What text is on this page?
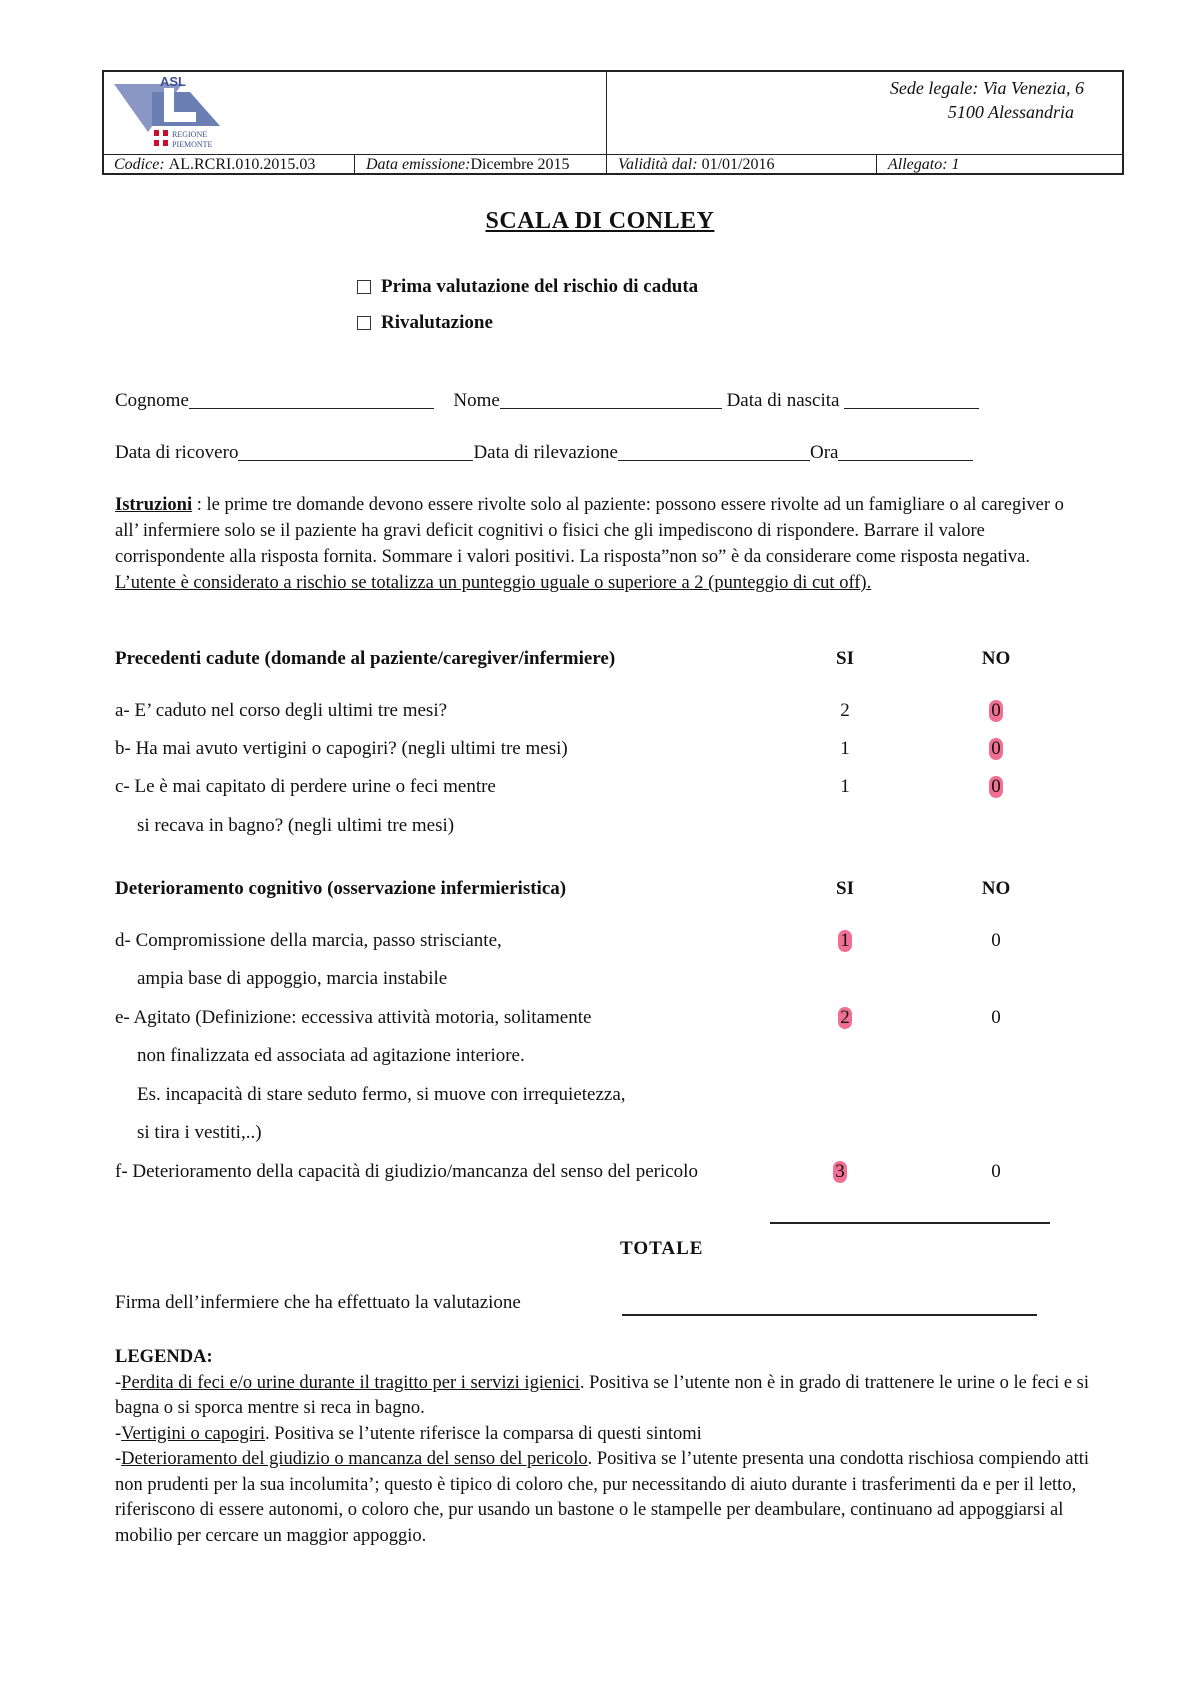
ASL
REGIONE
PIEMONTE
Sede legale: Via Venezia, 6
5100 Alessandria
Codice: AL.RCRI.010.2015.03	Data emissione:Dicembre 2015	Validità dal: 01/01/2016	Allegato: 1
SCALA DI CONLEY
Prima valutazione del rischio di caduta
Rivalutazione
Cognome	Nome	Data di nascita
Data di ricovero	Data di rilevazione	Ora
Istruzioni : le prime tre domande devono essere rivolte solo al paziente: possono essere rivolte ad un famigliare o al caregiver o all’ infermiere solo se il paziente ha gravi deficit cognitivi o fisici che gli impediscono di rispondere. Barrare il valore corrispondente alla risposta fornita. Sommare i valori positivi. La risposta”non so” è da considerare come risposta negativa. L’utente è considerato a rischio se totalizza un punteggio uguale o superiore a 2 (punteggio di cut off).
Precedenti cadute (domande al paziente/caregiver/infermiere)	SI	NO
a- E’ caduto nel corso degli ultimi tre mesi?	2	0
b- Ha mai avuto vertigini o capogiri? (negli ultimi tre mesi)	1	0
c- Le è mai capitato di perdere urine o feci mentre	1	0
si recava in bagno? (negli ultimi tre mesi)
Deterioramento cognitivo (osservazione infermieristica)	SI	NO
d- Compromissione della marcia, passo strisciante,	1	0
ampia base di appoggio, marcia instabile
e- Agitato (Definizione: eccessiva attività motoria, solitamente	2	0
non finalizzata ed associata ad agitazione interiore.
Es. incapacità di stare seduto fermo, si muove con irrequietezza,
si tira i vestiti,..)
f- Deterioramento della capacità di giudizio/mancanza del senso del pericolo	3	0
TOTALE
Firma dell’infermiere che ha effettuato la valutazione
LEGENDA:
-Perdita di feci e/o urine durante il tragitto per i servizi igienici. Positiva se l’utente non è in grado di trattenere le urine o le feci e si bagna o si sporca mentre si reca in bagno.
-Vertigini o capogiri. Positiva se l’utente riferisce la comparsa di questi sintomi
-Deterioramento del giudizio o mancanza del senso del pericolo. Positiva se l’utente presenta una condotta rischiosa compiendo atti non prudenti per la sua incolumita’; questo è tipico di coloro che, pur necessitando di aiuto durante i trasferimenti da e per il letto, riferiscono di essere autonomi, o coloro che, pur usando un bastone o le stampelle per deambulare, continuano ad appoggiarsi al mobilio per cercare un maggior appoggio.
